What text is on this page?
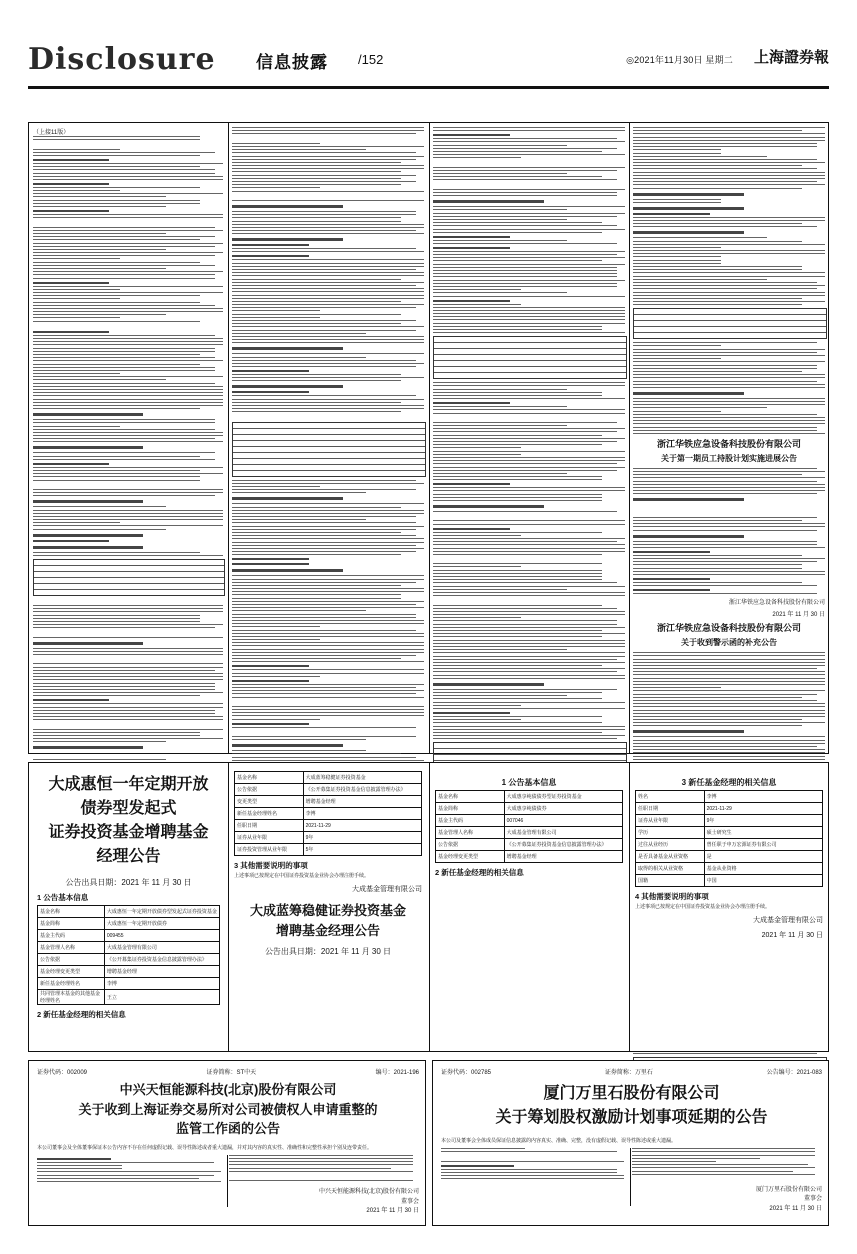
Disclosure 信息披露 /152	◎2021年11月30日 星期二 上海證券報
（上接11版）
浙江华铁应急设备科技股份有限公司
关于第一期员工持股计划实施进展公告
浙江华铁应急设备科技股份有限公司
2021 年 11 月 30 日
浙江华铁应急设备科技股份有限公司
关于收到警示函的补充公告
大成惠恒一年定期开放
债券型发起式
证券投资基金增聘基金
经理公告
公告出具日期：2021 年 11 月 30 日
1 公告基本信息
基金名称	大成惠恒一年定期开放债券型发起式证券投资基金
基金简称	大成惠恒一年定期开放债券
基金主代码	009455
基金管理人名称	大成基金管理有限公司
公告依据	《公开募集证券投资基金信息披露管理办法》
基金经理变更类型	增聘基金经理
新任基金经理姓名	李博
共同管理本基金的其他基金经理姓名	王立
2 新任基金经理的相关信息
基金名称	大成蓝筹稳健证券投资基金
公告依据	《公开募集证券投资基金信息披露管理办法》
变更类型	增聘基金经理
新任基金经理姓名	李博
任职日期	2021-11-29
证券从业年限	9年
证券投资管理从业年限	5年
3 其他需要说明的事项
上述事项已按规定在中国证券投资基金业协会办理注册手续。
大成基金管理有限公司
大成蓝筹稳健证券投资基金
增聘基金经理公告
公告出具日期：2021 年 11 月 30 日
1 公告基本信息
基金名称	大成惠享纯债债券型证券投资基金
基金简称	大成惠享纯债债券
基金主代码	007046
基金管理人名称	大成基金管理有限公司
公告依据	《公开募集证券投资基金信息披露管理办法》
基金经理变更类型	增聘基金经理
2 新任基金经理的相关信息
3 新任基金经理的相关信息
姓名	李博
任职日期	2021-11-29
证券从业年限	9年
学历	硕士研究生
过往从业经历	曾任职于申万宏源证券有限公司
是否具备基金从业资格	是
取得的相关从业资格	基金从业资格
国籍	中国
4 其他需要说明的事项
上述事项已按规定在中国证券投资基金业协会办理注册手续。
大成基金管理有限公司
2021 年 11 月 30 日
证券代码：002009	证券简称：ST中天	编号：2021-196
中兴天恒能源科技(北京)股份有限公司
关于收到上海证券交易所对公司被债权人申请重整的
监管工作函的公告
本公司董事会及全体董事保证本公告内容不存在任何虚假记载、误导性陈述或者重大遗漏，并对其内容的真实性、准确性和完整性承担个别及连带责任。
中兴天恒能源科技(北京)股份有限公司
董事会
2021 年 11 月 30 日
证券代码：002785	证券简称：万里石	公告编号：2021-083
厦门万里石股份有限公司
关于筹划股权激励计划事项延期的公告
本公司及董事会全体成员保证信息披露的内容真实、准确、完整，没有虚假记载、误导性陈述或重大遗漏。
厦门万里石股份有限公司
董事会
2021 年 11 月 30 日
